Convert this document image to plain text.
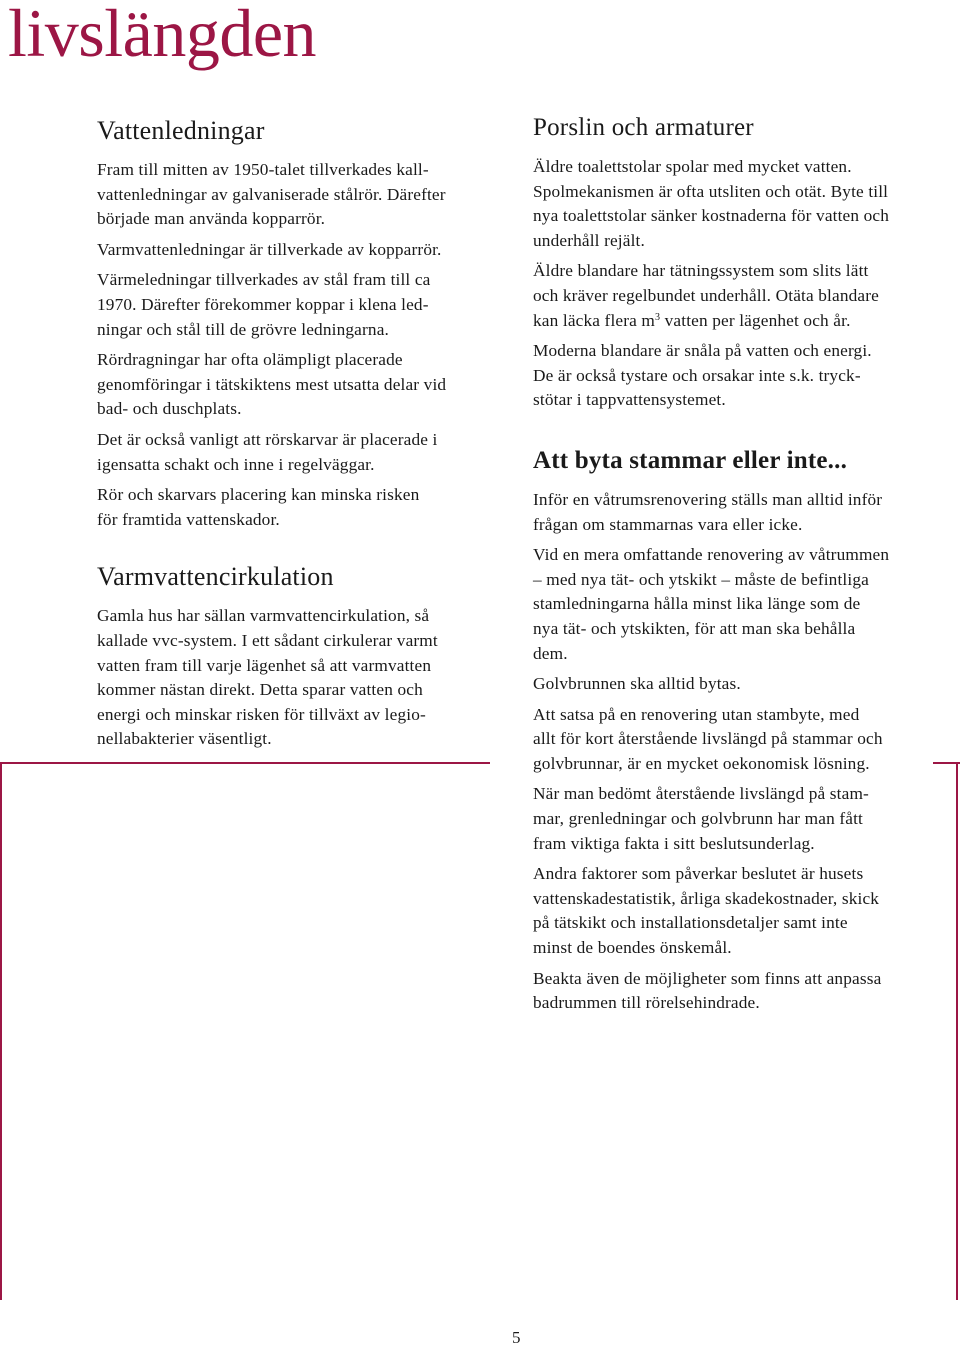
livslängden
Vattenledningar

Fram till mitten av 1950-talet tillverkades kall-
vattenledningar av galvaniserade stålrör. Därefter
började man använda kopparrör.

Varmvattenledningar är tillverkade av kopparrör.

Värmeledningar tillverkades av stål fram till ca
1970. Därefter förekommer koppar i klena led-
ningar och stål till de grövre ledningarna.

Rördragningar har ofta olämpligt placerade
genomföringar i tätskiktens mest utsatta delar vid
bad- och duschplats.

Det är också vanligt att rörskarvar är placerade i
igensatta schakt och inne i regelväggar.

Rör och skarvars placering kan minska risken
för framtida vattenskador.

Varmvattencirkulation

Gamla hus har sällan varmvattencirkulation, så
kallade vvc-system. I ett sådant cirkulerar varmt
vatten fram till varje lägenhet så att varmvatten
kommer nästan direkt. Detta sparar vatten och
energi och minskar risken för tillväxt av legio-
nellabakterier väsentligt.

Porslin och armaturer

Äldre toalettstolar spolar med mycket vatten.
Spolmekanismen är ofta utsliten och otät. Byte till
nya toalettstolar sänker kostnaderna för vatten och
underhåll rejält.

Äldre blandare har tätningssystem som slits lätt
och kräver regelbundet underhåll. Otäta blandare
kan läcka flera $m^3$ vatten per lägenhet och år.

Moderna blandare är snåla på vatten och energi.
De är också tystare och orsakar inte s.k. tryck-
stötar i tappvattensystemet.

Att byta stammar eller inte...

Inför en våtrumsrenovering ställs man alltid inför
frågan om stammarnas vara eller icke.

Vid en mera omfattande renovering av våtrummen
– med nya tät- och ytskikt – måste de befintliga
stamledningarna hålla minst lika länge som de
nya tät- och ytskikten, för att man ska behålla
dem.

Golvbrunnen ska alltid bytas.

Att satsa på en renovering utan stambyte, med
allt för kort återstående livslängd på stammar och
golvbrunnar, är en mycket oekonomisk lösning.

När man bedömt återstående livslängd på stam-
mar, grenledningar och golvbrunn har man fått
fram viktiga fakta i sitt beslutsunderlag.

Andra faktorer som påverkar beslutet är husets
vattenskadestatistik, årliga skadekostnader, skick
på tätskikt och installationsdetaljer samt inte
minst de boendes önskemål.

Beakta även de möjligheter som finns att anpassa
badrummen till rörelsehindrade.

5
